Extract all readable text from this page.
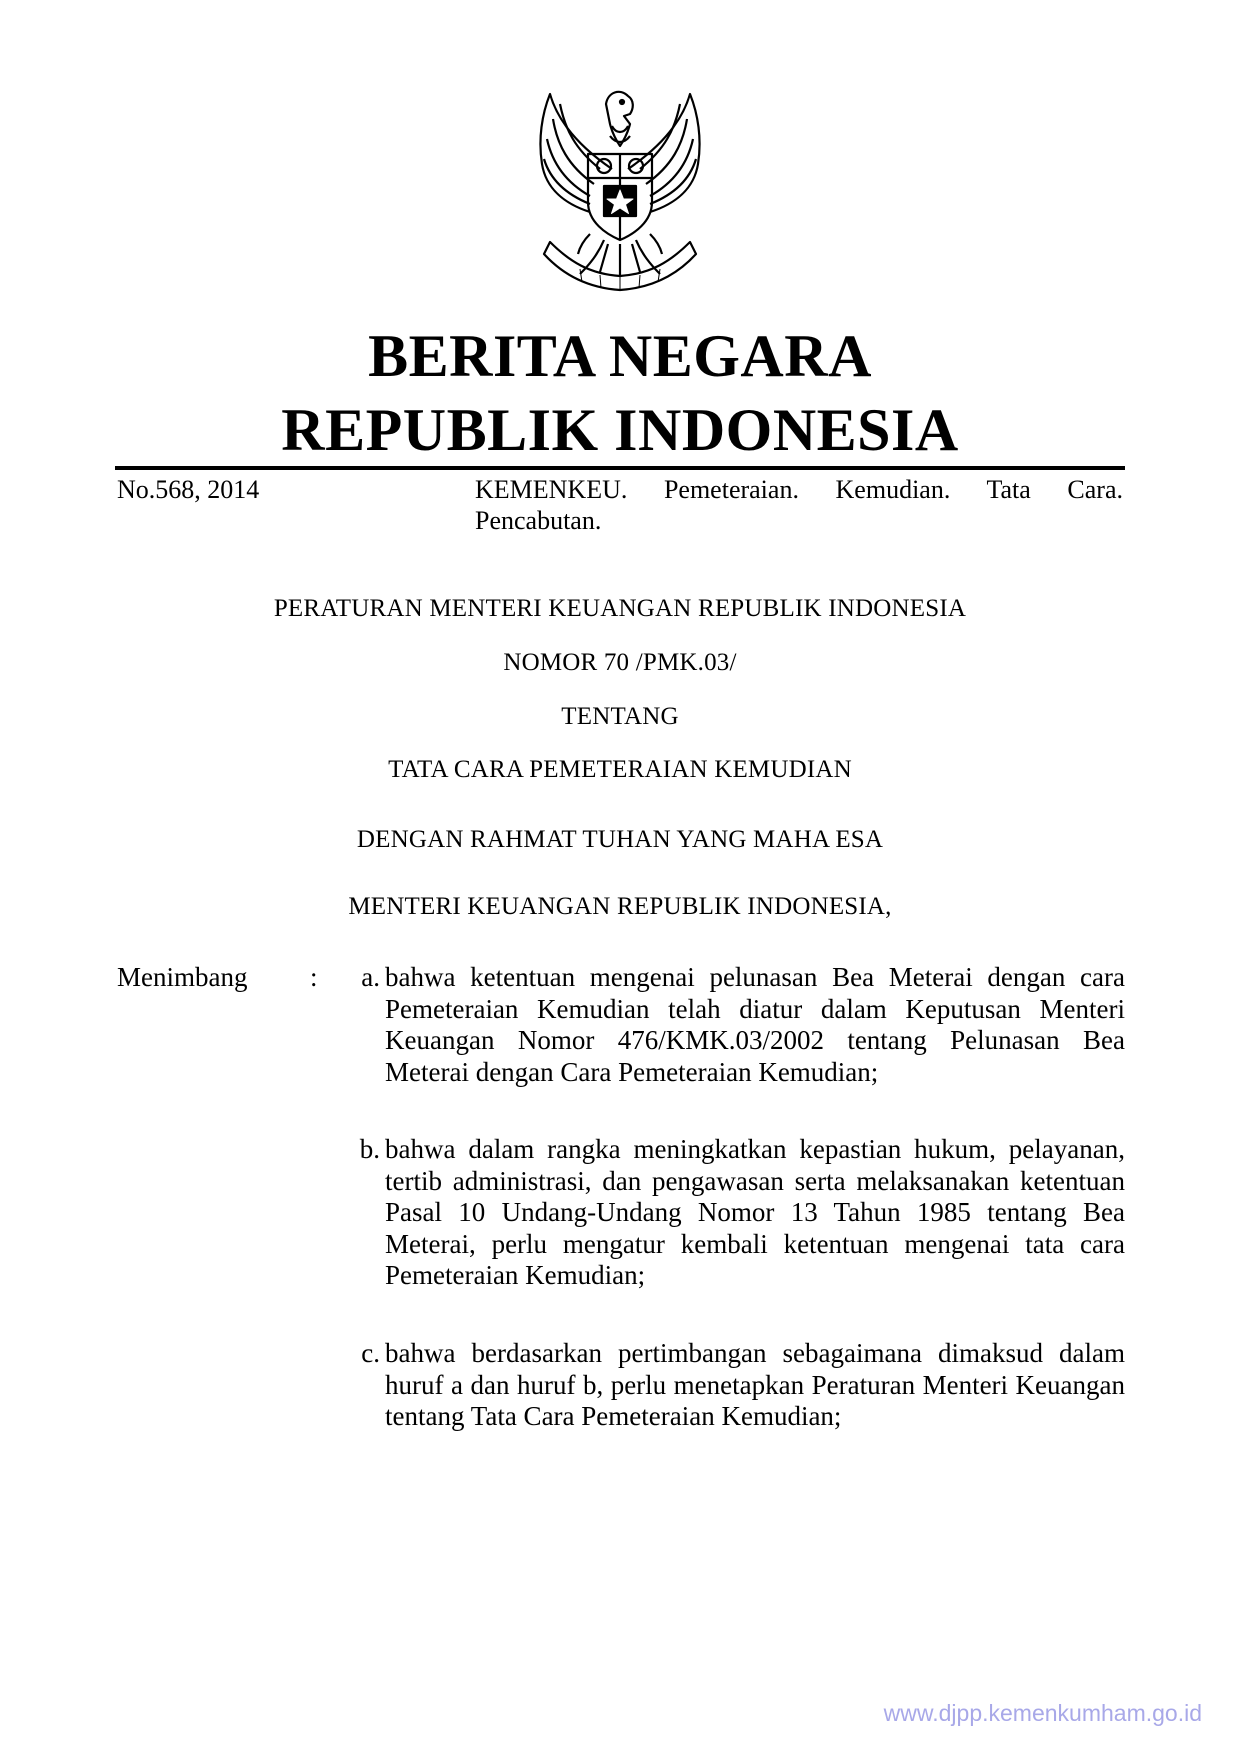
BERITA NEGARA
REPUBLIK INDONESIA
No.568, 2014	KEMENKEU. Pemeteraian. Kemudian. Tata Cara. Pencabutan.
PERATURAN MENTERI KEUANGAN REPUBLIK INDONESIA
NOMOR 70 /PMK.03/
TENTANG
TATA CARA PEMETERAIAN KEMUDIAN
DENGAN RAHMAT TUHAN YANG MAHA ESA
MENTERI KEUANGAN REPUBLIK INDONESIA,
Menimbang :	a. bahwa ketentuan mengenai pelunasan Bea Meterai dengan cara Pemeteraian Kemudian telah diatur dalam Keputusan Menteri Keuangan Nomor 476/KMK.03/2002 tentang Pelunasan Bea Meterai dengan Cara Pemeteraian Kemudian;
b. bahwa dalam rangka meningkatkan kepastian hukum, pelayanan, tertib administrasi, dan pengawasan serta melaksanakan ketentuan Pasal 10 Undang-Undang Nomor 13 Tahun 1985 tentang Bea Meterai, perlu mengatur kembali ketentuan mengenai tata cara Pemeteraian Kemudian;
c. bahwa berdasarkan pertimbangan sebagaimana dimaksud dalam huruf a dan huruf b, perlu menetapkan Peraturan Menteri Keuangan tentang Tata Cara Pemeteraian Kemudian;
www.djpp.kemenkumham.go.id
